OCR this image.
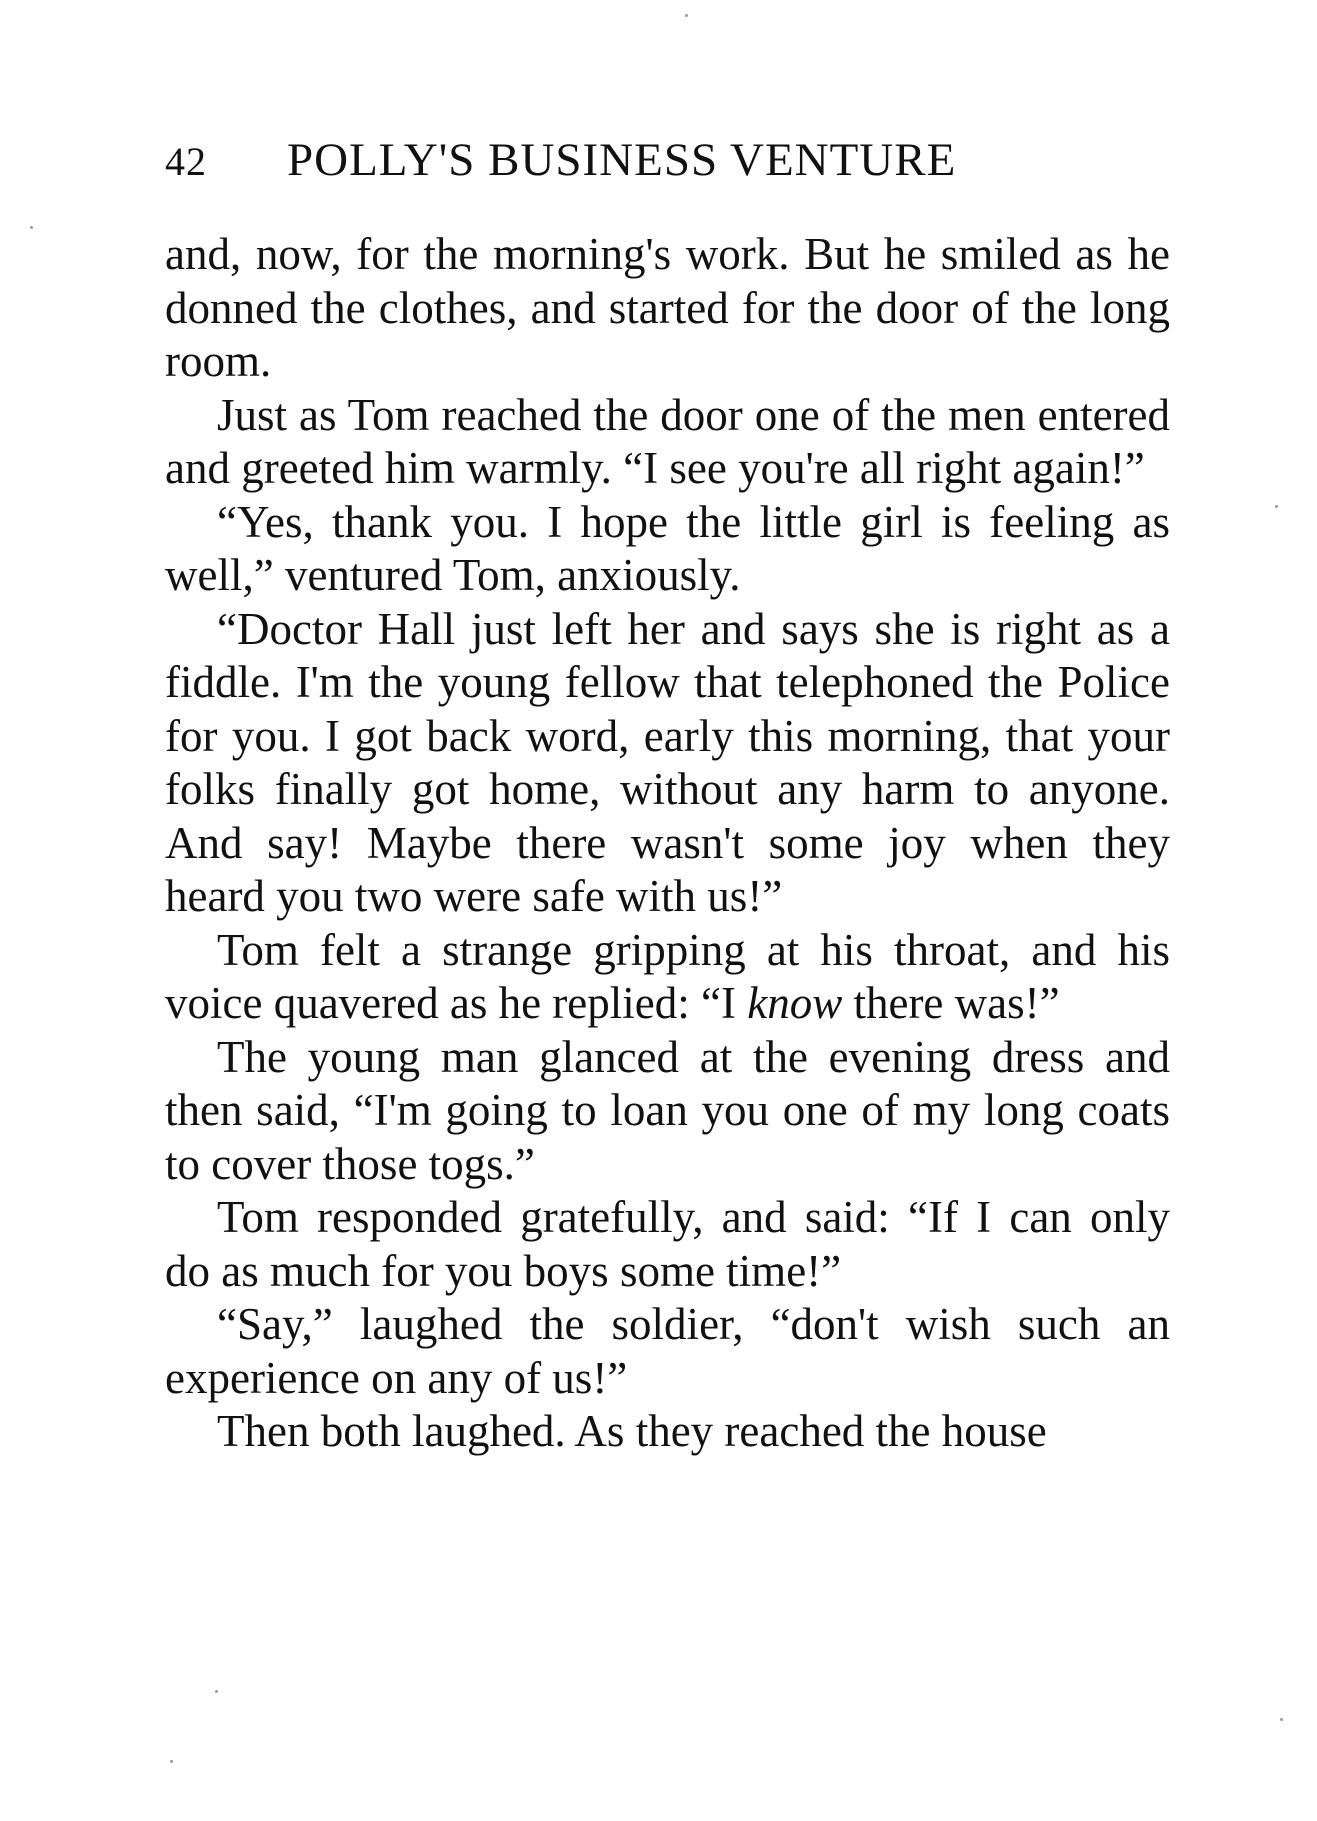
42 POLLY'S BUSINESS VENTURE

and, now, for the morning's work. But he smiled as he donned the clothes, and started for the door of the long room.

Just as Tom reached the door one of the men entered and greeted him warmly. “I see you're all right again!”

“Yes, thank you. I hope the little girl is feeling as well,” ventured Tom, anxiously.

“Doctor Hall just left her and says she is right as a fiddle. I'm the young fellow that telephoned the Police for you. I got back word, early this morning, that your folks finally got home, without any harm to anyone. And say! Maybe there wasn't some joy when they heard you two were safe with us!”

Tom felt a strange gripping at his throat, and his voice quavered as he replied: “I know there was!”

The young man glanced at the evening dress and then said, “I'm going to loan you one of my long coats to cover those togs.”

Tom responded gratefully, and said: “If I can only do as much for you boys some time!”

“Say,” laughed the soldier, “don't wish such an experience on any of us!”

Then both laughed. As they reached the house
